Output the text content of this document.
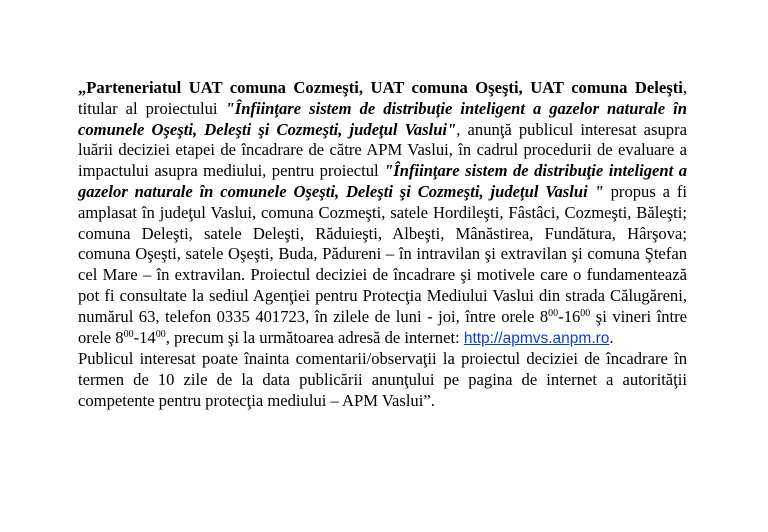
„Parteneriatul UAT comuna Cozmeşti, UAT comuna Oşeşti, UAT comuna Deleşti, titular al proiectului "Înfiinţare sistem de distribuţie inteligent a gazelor naturale în comunele Oşeşti, Deleşti şi Cozmeşti, judeţul Vaslui", anunţă publicul interesat asupra luării deciziei etapei de încadrare de către APM Vaslui, în cadrul procedurii de evaluare a impactului asupra mediului, pentru proiectul "Înfiinţare sistem de distribuţie inteligent a gazelor naturale în comunele Oşeşti, Deleşti şi Cozmeşti, judeţul Vaslui " propus a fi amplasat în judeţul Vaslui, comuna Cozmeşti, satele Hordileşti, Fâstâci, Cozmeşti, Băleşti; comuna Deleşti, satele Deleşti, Răduieşti, Albeşti, Mânăstirea, Fundătura, Hârşova; comuna Oşeşti, satele Oşeşti, Buda, Pădureni – în intravilan şi extravilan şi comuna Ştefan cel Mare – în extravilan. Proiectul deciziei de încadrare şi motivele care o fundamentează pot fi consultate la sediul Agenţiei pentru Protecţia Mediului Vaslui din strada Călugăreni, numărul 63, telefon 0335 401723, în zilele de luni - joi, între orele $8^{00}-16^{00}$ şi vineri între orele $8^{00}-14^{00}$, precum şi la următoarea adresă de internet: http://apmvs.anpm.ro.

Publicul interesat poate înainta comentarii/observaţii la proiectul deciziei de încadrare în termen de 10 zile de la data publicării anunţului pe pagina de internet a autorităţii competente pentru protecţia mediului – APM Vaslui”.
